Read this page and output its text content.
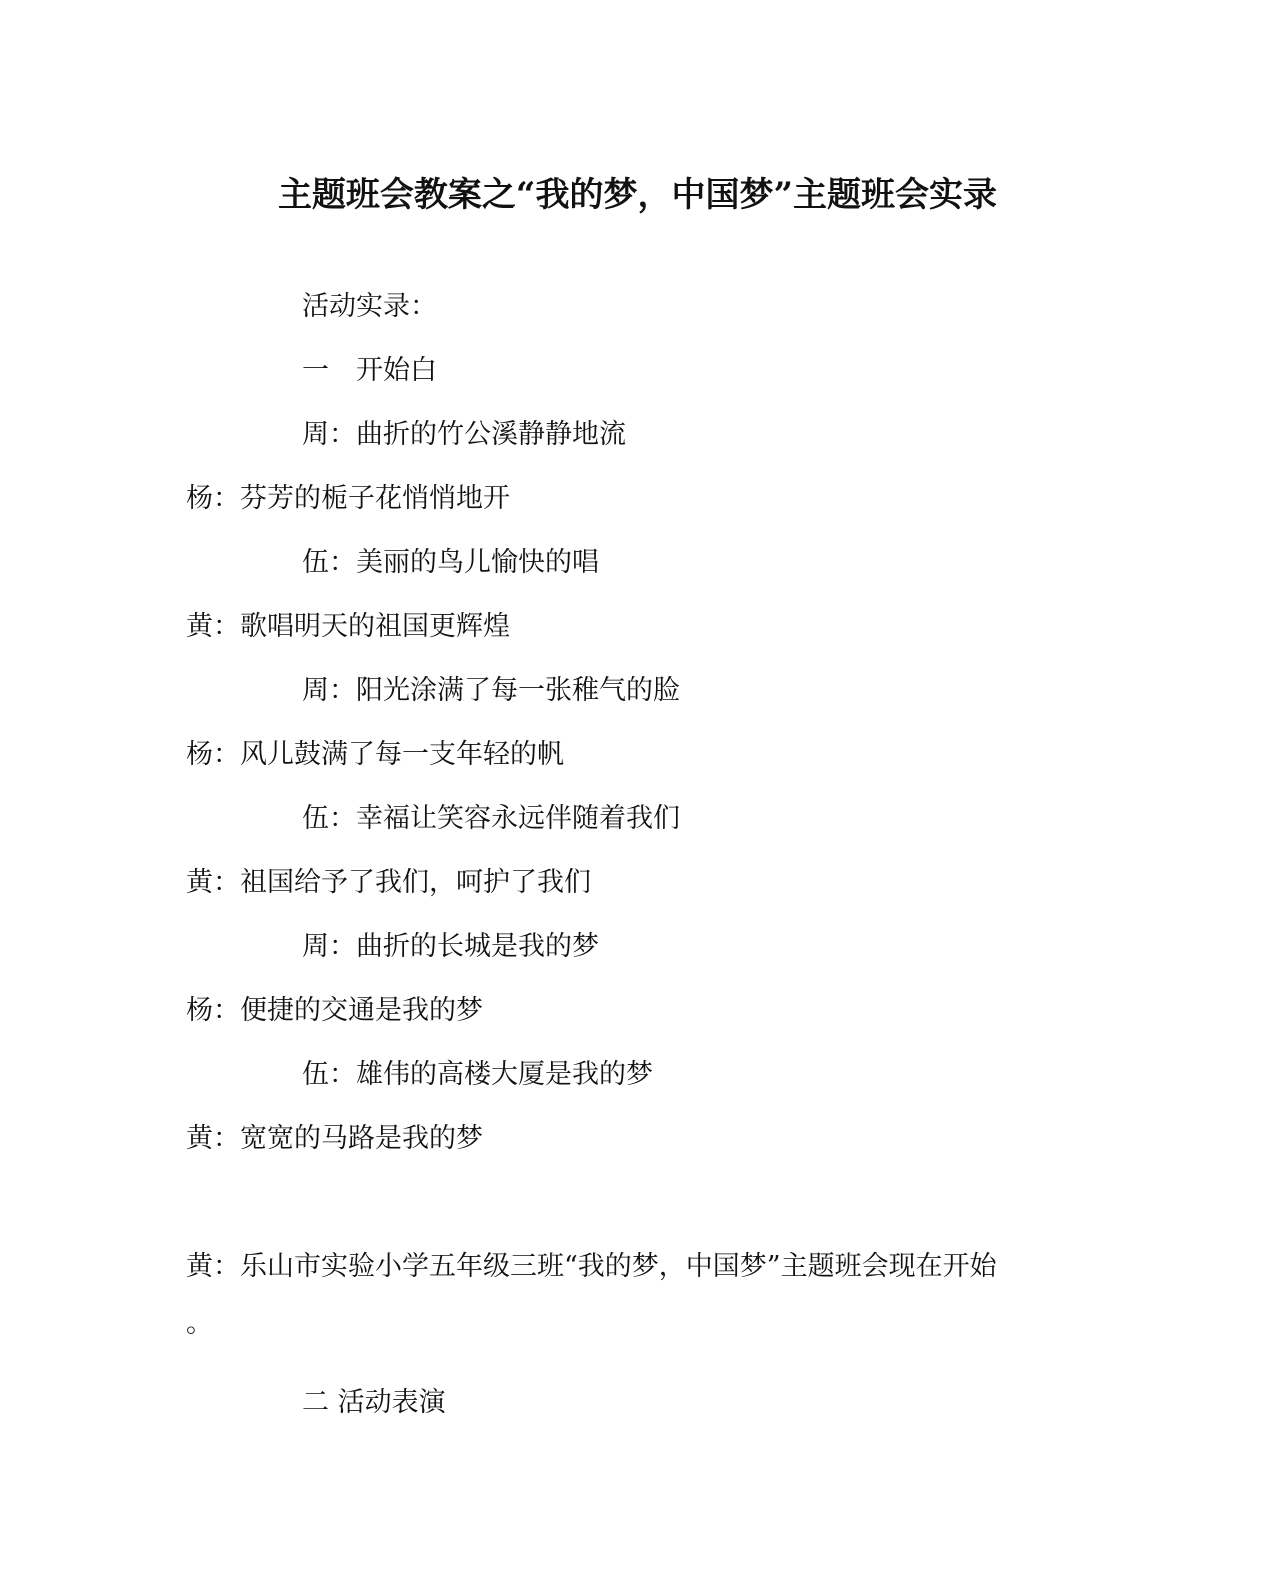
主题班会教案之“我的梦，中国梦”主题班会实录
活动实录：
一　开始白
周：曲折的竹公溪静静地流
杨：芬芳的栀子花悄悄地开
伍：美丽的鸟儿愉快的唱
黄：歌唱明天的祖国更辉煌
周：阳光涂满了每一张稚气的脸
杨：风儿鼓满了每一支年轻的帆
伍：幸福让笑容永远伴随着我们
黄：祖国给予了我们，呵护了我们
周：曲折的长城是我的梦
杨：便捷的交通是我的梦
伍：雄伟的高楼大厦是我的梦
黄：宽宽的马路是我的梦
黄：乐山市实验小学五年级三班“我的梦，中国梦”主题班会现在开始
。
二 活动表演
